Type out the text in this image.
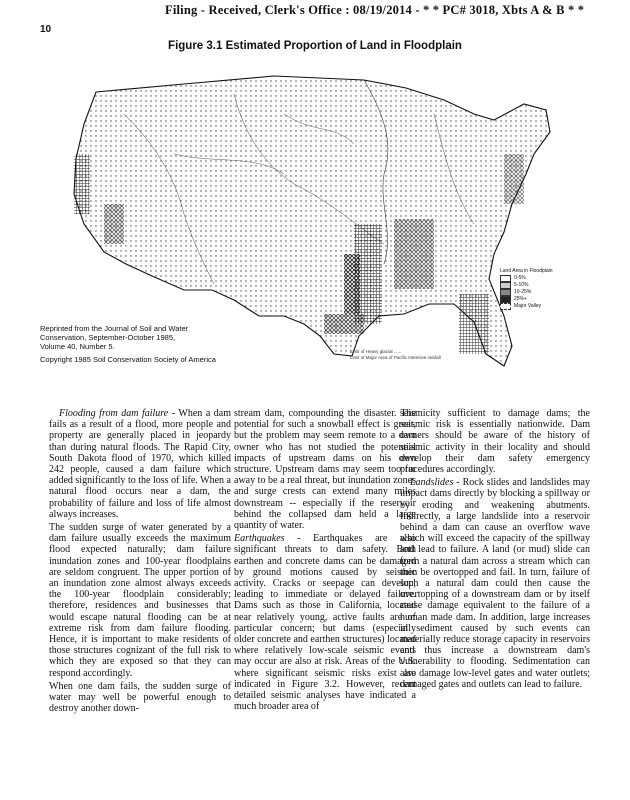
Filing - Received, Clerk's Office : 08/19/2014 - * * PC# 3018, Xbts A & B * *
10
Figure 3.1 Estimated Proportion of Land in Floodplain
Reprinted from the Journal of Soil and Water
Conservation, September-October 1985,
Volume 40, Number 5.
Copyright 1985 Soil Conservation Society of America
Land Area in Floodplain
0-5%
5-10%
10-25%
25%+
Major Valley
Limit of Heavy glacial ......
Limit of Major Area of Pacific Intensive rainfall

Flooding from dam failure - When a dam fails as a result of a flood, more people and property are generally placed in jeopardy than during natural floods. The Rapid City, South Dakota flood of 1970, which killed 242 people, caused a dam failure which added significantly to the loss of life. When a natural flood occurs near a dam, the probability of failure and loss of life almost always increases.

The sudden surge of water generated by a dam failure usually exceeds the maximum flood expected naturally; dam failure inundation zones and 100-year floodplains are seldom congruent. The upper portion of an inundation zone almost always exceeds the 100-year floodplain considerably; therefore, residences and businesses that would escape natural flooding can be at extreme risk from dam failure flooding. Hence, it is important to make residents of those structures cognizant of the full risk to which they are exposed so that they can respond accordingly.

When one dam fails, the sudden surge of water may well be powerful enough to destroy another down-

stream dam, compounding the disaster. The potential for such a snowball effect is great, but the problem may seem remote to a dam owner who has not studied the potential impacts of upstream dams on his own structure. Upstream dams may seem too far away to be a real threat, but inundation zones and surge crests can extend many miles downstream -- especially if the reservoir behind the collapsed dam held a large quantity of water.

Earthquakes - Earthquakes are also significant threats to dam safety. Both earthen and concrete dams can be damaged by ground motions caused by seismic activity. Cracks or seepage can develop, leading to immediate or delayed failure. Dams such as those in California, located near relatively young, active faults are of particular concern; but dams (especially older concrete and earthen structures) located where relatively low-scale seismic events may occur are also at risk. Areas of the U.S. where significant seismic risks exist are indicated in Figure 3.2. However, recent detailed seismic analyses have indicated a much broader area of

seismicity sufficient to damage dams; the seismic risk is essentially nationwide. Dam owners should be aware of the history of seismic activity in their locality and should develop their dam safety emergency procedures accordingly.

Landslides - Rock slides and landslides may impact dams directly by blocking a spillway or by eroding and weakening abutments. Indirectly, a large landslide into a reservoir behind a dam can cause an overflow wave which will exceed the capacity of the spillway and lead to failure. A land (or mud) slide can form a natural dam across a stream which can then be overtopped and fail. In turn, failure of such a natural dam could then cause the overtopping of a downstream dam or by itself cause damage equivalent to the failure of a human made dam. In addition, large increases in sediment caused by such events can materially reduce storage capacity in reservoirs and thus increase a downstream dam's vulnerability to flooding. Sedimentation can also damage low-level gates and water outlets; damaged gates and outlets can lead to failure.
